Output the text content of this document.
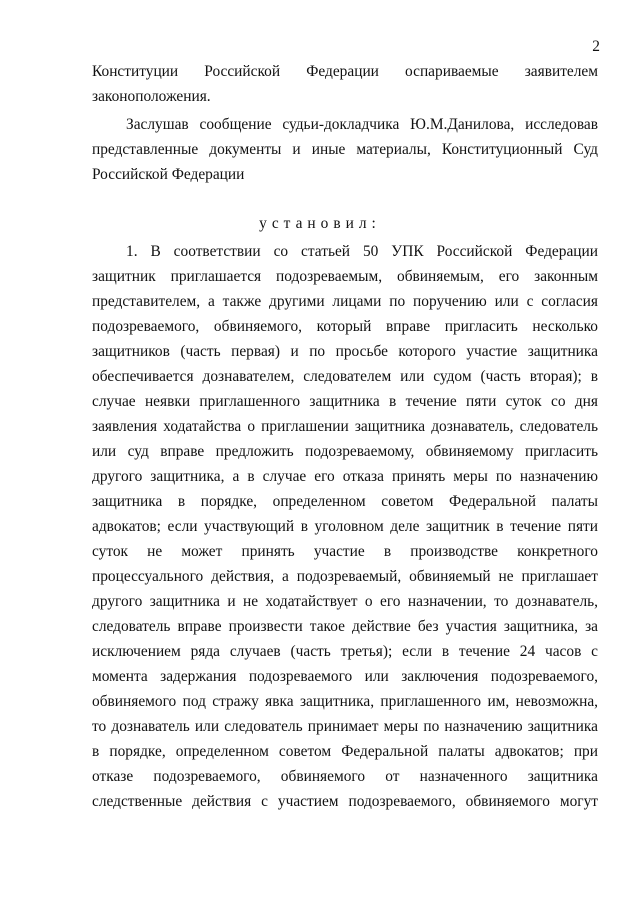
2
Конституции Российской Федерации оспариваемые заявителем
законоположения.
Заслушав сообщение судьи-докладчика Ю.М.Данилова, исследовав
представленные документы и иные материалы, Конституционный Суд
Российской Федерации
установил:
1. В соответствии со статьей 50 УПК Российской Федерации
защитник приглашается подозреваемым, обвиняемым, его законным
представителем, а также другими лицами по поручению или с согласия
подозреваемого, обвиняемого, который вправе пригласить несколько
защитников (часть первая) и по просьбе которого участие защитника
обеспечивается дознавателем, следователем или судом (часть вторая); в
случае неявки приглашенного защитника в течение пяти суток со дня
заявления ходатайства о приглашении защитника дознаватель, следователь
или суд вправе предложить подозреваемому, обвиняемому пригласить
другого защитника, а в случае его отказа принять меры по назначению
защитника в порядке, определенном советом Федеральной палаты
адвокатов; если участвующий в уголовном деле защитник в течение пяти
суток не может принять участие в производстве конкретного
процессуального действия, а подозреваемый, обвиняемый не приглашает
другого защитника и не ходатайствует о его назначении, то дознаватель,
следователь вправе произвести такое действие без участия защитника, за
исключением ряда случаев (часть третья); если в течение 24 часов с
момента задержания подозреваемого или заключения подозреваемого,
обвиняемого под стражу явка защитника, приглашенного им, невозможна,
то дознаватель или следователь принимает меры по назначению защитника
в порядке, определенном советом Федеральной палаты адвокатов; при
отказе подозреваемого, обвиняемого от назначенного защитника
следственные действия с участием подозреваемого, обвиняемого могут
